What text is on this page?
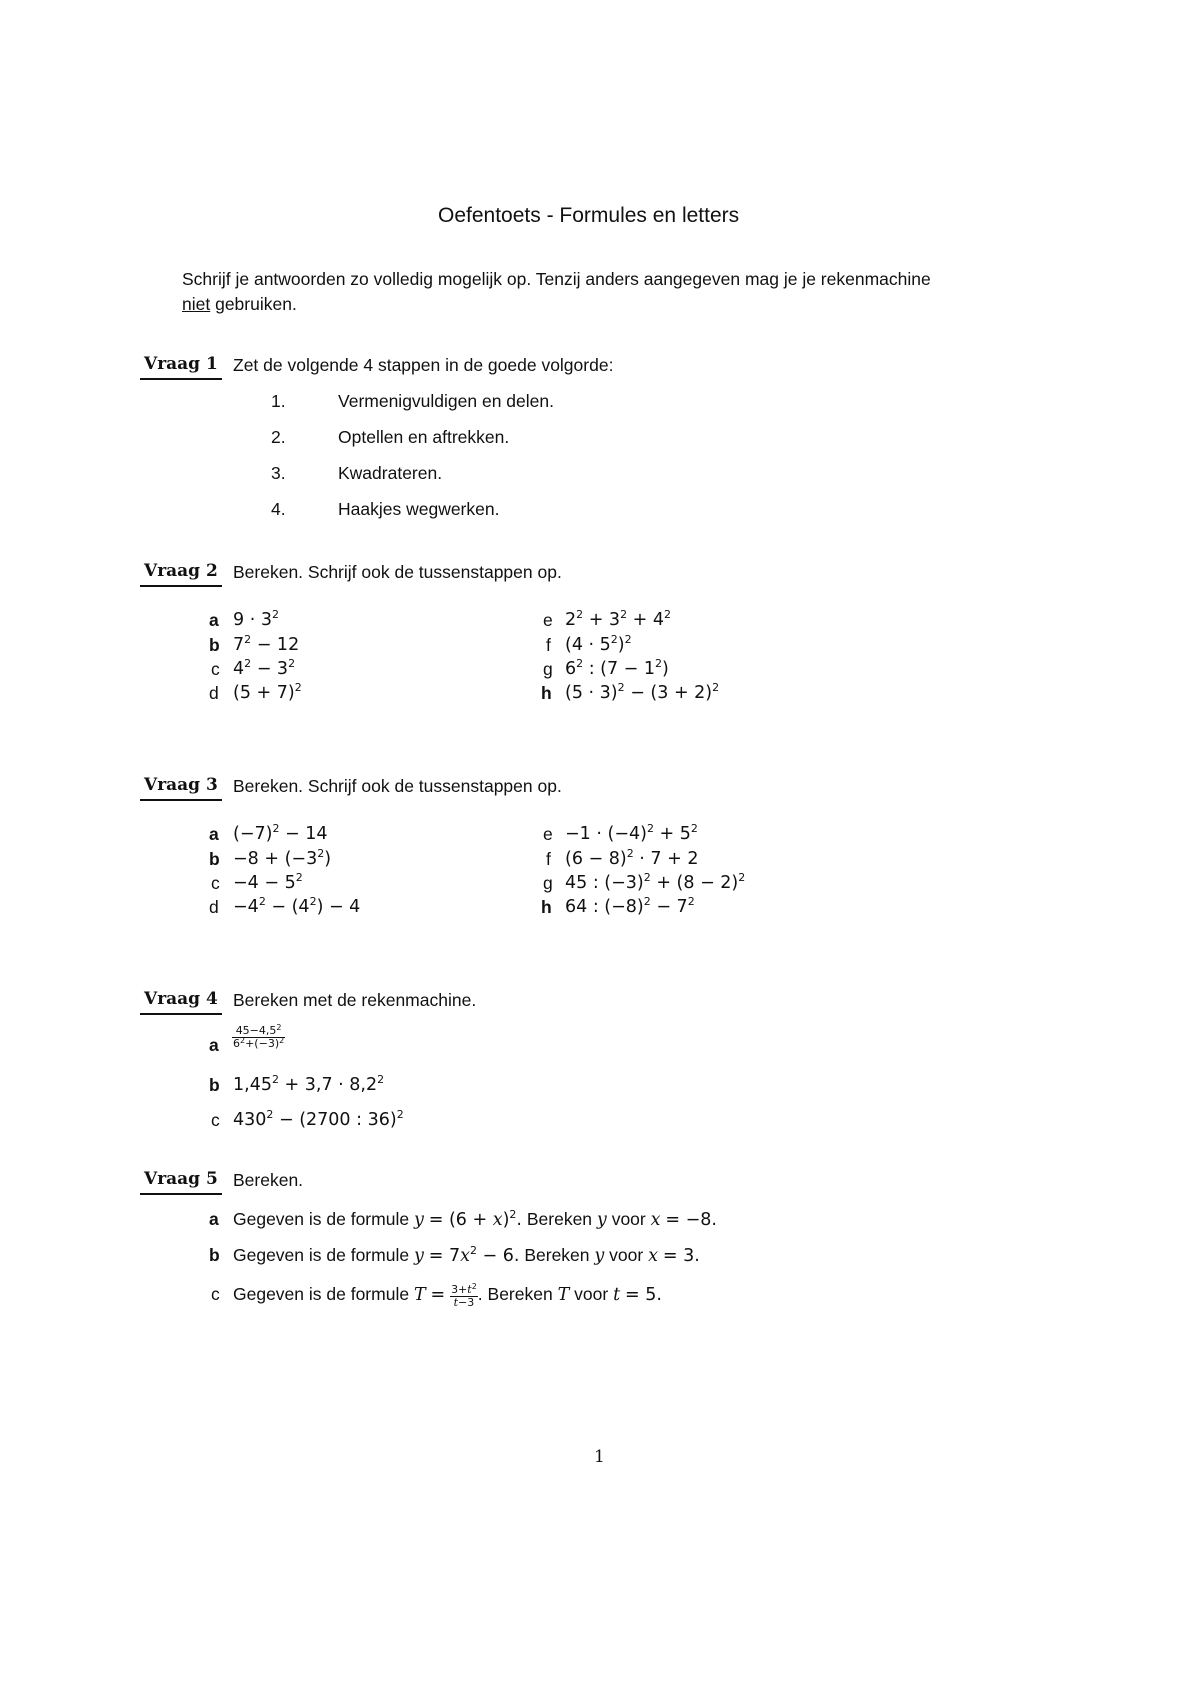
Oefentoets - Formules en letters
Schrijf je antwoorden zo volledig mogelijk op. Tenzij anders aangegeven mag je je rekenmachine
niet gebruiken.
Vraag 1 Zet de volgende 4 stappen in de goede volgorde:
1.	Vermenigvuldigen en delen.
2.	Optellen en aftrekken.
3.	Kwadrateren.
4.	Haakjes wegwerken.
Vraag 2 Bereken. Schrijf ook de tussenstappen op.
a $9 \cdot 3^2$
b $7^2 - 12$
c $4^2 - 3^2$
d $(5 + 7)^2$
e $2^2 + 3^2 + 4^2$
f $(4 \cdot 5^2)^2$
g $6^2$ : $(7 - 1^2)$
h $(5 \cdot 3)^2 - (3 + 2)^2$
Vraag 3 Bereken. Schrijf ook de tussenstappen op.
a $(-7)^2 - 14$
$b -8 + (-3^2)$
$c -4 - 5^2$
$d -4^2 - (4^2) - 4$
$e -1 \cdot (-4)^2 + 5^2$
f $(6 - 8)^2 \cdot 7 + 2$
g 45 : $(-3)^2 + (8 - 2)^2$
h 64 : $(-8)^2 - 7^2$
Vraag 4 Bereken met de rekenmachine.
a $\frac{45-4,5^2}{6^2+(-3)^2}$
b $1,45^2 + 3,7 \cdot 8,2^2$
c $430^2 - (2700$ : 36)$^2$
Vraag 5 Bereken.
a Gegeven is de formule $y = (6 + x)^2$. Bereken y voor x = −8.
b Gegeven is de formule $y = 7x^2 - 6$. Bereken y voor x = 3.
c Gegeven is de formule $T = \frac{3+t^2}{t-3}$ . Bereken T voor t = 5.
1
